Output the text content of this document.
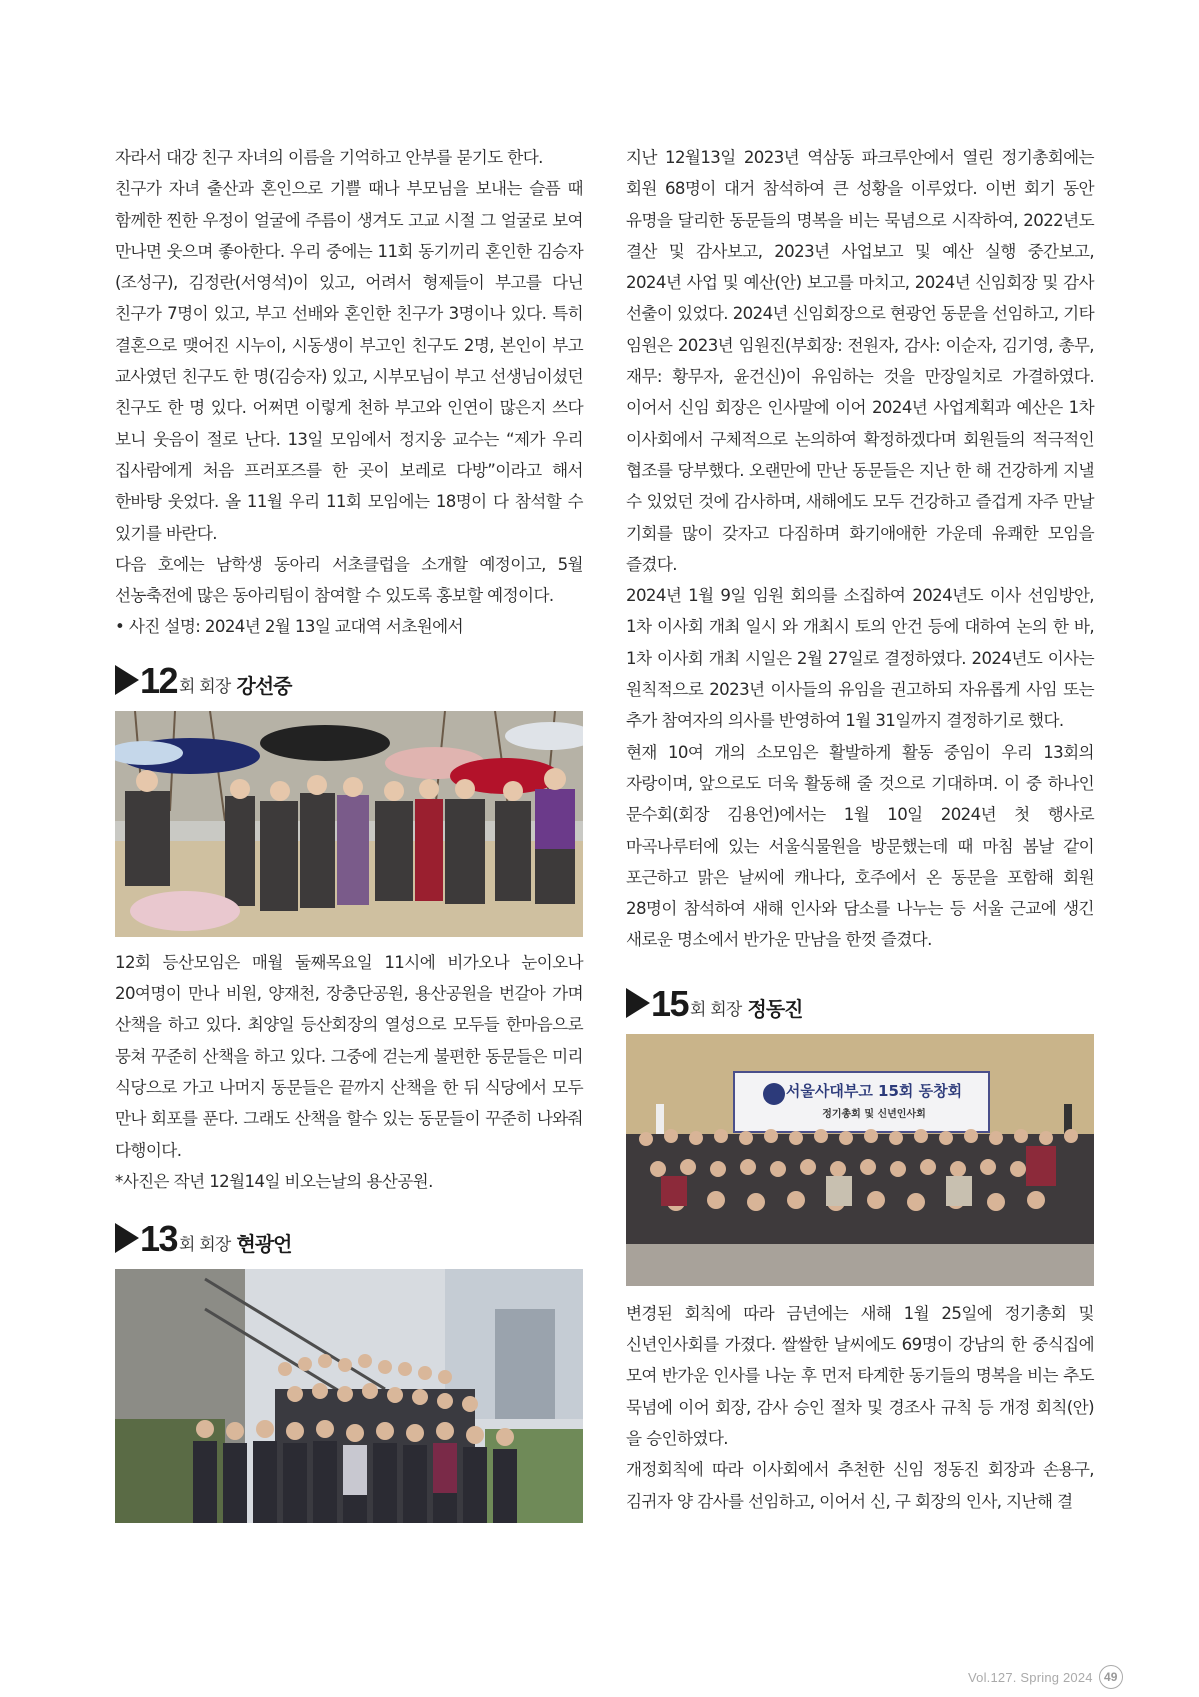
자라서 대강 친구 자녀의 이름을 기억하고 안부를 묻기도 한다.

친구가 자녀 출산과 혼인으로 기쁠 때나 부모님을 보내는 슬픔 때 함께한 찐한 우정이 얼굴에 주름이 생겨도 고교 시절 그 얼굴로 보여 만나면 웃으며 좋아한다. 우리 중에는 11회 동기끼리 혼인한 김승자(조성구), 김정란(서영석)이 있고, 어려서 형제들이 부고를 다닌 친구가 7명이 있고, 부고 선배와 혼인한 친구가 3명이나 있다. 특히 결혼으로 맺어진 시누이, 시동생이 부고인 친구도 2명, 본인이 부고 교사였던 친구도 한 명(김승자) 있고, 시부모님이 부고 선생님이셨던 친구도 한 명 있다. 어쩌면 이렇게 천하 부고와 인연이 많은지 쓰다 보니 웃음이 절로 난다. 13일 모임에서 정지웅 교수는 “제가 우리 집사람에게 처음 프러포즈를 한 곳이 보레로 다방”이라고 해서 한바탕 웃었다. 올 11월 우리 11회 모임에는 18명이 다 참석할 수 있기를 바란다.

다음 호에는 남학생 동아리 서초클럽을 소개할 예정이고, 5월 선농축전에 많은 동아리팀이 참여할 수 있도록 홍보할 예정이다.

• 사진 설명: 2024년 2월 13일 교대역 서초원에서

12 회 회장 강선중

12회 등산모임은 매월 둘째목요일 11시에 비가오나 눈이오나 20여명이 만나 비원, 양재천, 장충단공원, 용산공원을 번갈아 가며 산책을 하고 있다. 최양일 등산회장의 열성으로 모두들 한마음으로 뭉쳐 꾸준히 산책을 하고 있다. 그중에 걷는게 불편한 동문들은 미리 식당으로 가고 나머지 동문들은 끝까지 산책을 한 뒤 식당에서 모두 만나 회포를 푼다. 그래도 산책을 할수 있는 동문들이 꾸준히 나와줘 다행이다.

*사진은 작년 12월14일 비오는날의 용산공원.

13 회 회장 현광언

지난 12월13일 2023년 역삼동 파크루안에서 열린 정기총회에는 회원 68명이 대거 참석하여 큰 성황을 이루었다. 이번 회기 동안 유명을 달리한 동문들의 명복을 비는 묵념으로 시작하여, 2022년도 결산 및 감사보고, 2023년 사업보고 및 예산 실행 중간보고, 2024년 사업 및 예산(안) 보고를 마치고, 2024년 신임회장 및 감사 선출이 있었다. 2024년 신임회장으로 현광언 동문을 선임하고, 기타 임원은 2023년 임원진(부회장: 전원자, 감사: 이순자, 김기영, 총무, 재무: 황무자, 윤건신)이 유임하는 것을 만장일치로 가결하였다. 이어서 신임 회장은 인사말에 이어 2024년 사업계획과 예산은 1차 이사회에서 구체적으로 논의하여 확정하겠다며 회원들의 적극적인 협조를 당부했다. 오랜만에 만난 동문들은 지난 한 해 건강하게 지낼 수 있었던 것에 감사하며, 새해에도 모두 건강하고 즐겁게 자주 만날 기회를 많이 갖자고 다짐하며 화기애애한 가운데 유쾌한 모임을 즐겼다.

2024년 1월 9일 임원 회의를 소집하여 2024년도 이사 선임방안, 1차 이사회 개최 일시 와 개최시 토의 안건 등에 대하여 논의 한 바, 1차 이사회 개최 시일은 2월 27일로 결정하였다. 2024년도 이사는 원칙적으로 2023년 이사들의 유임을 권고하되 자유롭게 사임 또는 추가 참여자의 의사를 반영하여 1월 31일까지 결정하기로 했다.

현재 10여 개의 소모임은 활발하게 활동 중임이 우리 13회의 자랑이며, 앞으로도 더욱 활동해 줄 것으로 기대하며. 이 중 하나인 문수회(회장 김용언)에서는 1월 10일 2024년 첫 행사로 마곡나루터에 있는 서울식물원을 방문했는데 때 마침 봄날 같이 포근하고 맑은 날씨에 캐나다, 호주에서 온 동문을 포함해 회원 28명이 참석하여 새해 인사와 담소를 나누는 등 서울 근교에 생긴 새로운 명소에서 반가운 만남을 한껏 즐겼다.

15 회 회장 정동진
서울사대부고 15회 동창회
정기총회 및 신년인사회

변경된 회칙에 따라 금년에는 새해 1월 25일에 정기총회 및 신년인사회를 가졌다. 쌀쌀한 날씨에도 69명이 강남의 한 중식집에 모여 반가운 인사를 나눈 후 먼저 타계한 동기들의 명복을 비는 추도 묵념에 이어 회장, 감사 승인 절차 및 경조사 규칙 등 개정 회칙(안)을 승인하였다.

개정회칙에 따라 이사회에서 추천한 신임 정동진 회장과 손용구, 김귀자 양 감사를 선임하고, 이어서 신, 구 회장의 인사, 지난해 결

Vol.127. Spring 2024 49
